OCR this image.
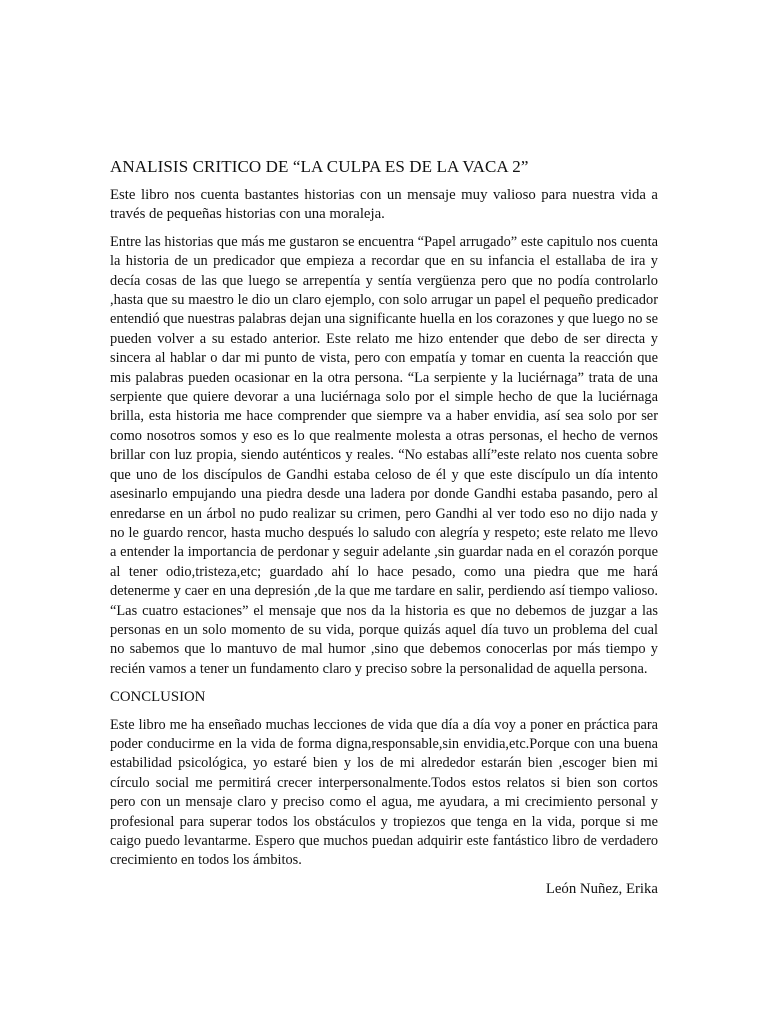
ANALISIS CRITICO DE “LA CULPA ES DE LA VACA 2”

Este libro nos cuenta bastantes historias con un mensaje muy valioso para nuestra vida a través de pequeñas historias con una moraleja.

Entre las historias que más me gustaron se encuentra “Papel arrugado” este capitulo nos cuenta la historia de un predicador que empieza a recordar que en su infancia el estallaba de ira y decía cosas de las que luego se arrepentía y sentía vergüenza pero que no podía controlarlo ,hasta que su maestro le dio un claro ejemplo, con solo arrugar un papel el pequeño predicador entendió que nuestras palabras dejan una significante huella en los corazones y que luego no se pueden volver a su estado anterior. Este relato me hizo entender que debo de ser directa y sincera al hablar o dar mi punto de vista, pero con empatía y tomar en cuenta la reacción que mis palabras pueden ocasionar en la otra persona. “La serpiente y la luciérnaga” trata de una serpiente que quiere devorar a una luciérnaga solo por el simple hecho de que la luciérnaga brilla, esta historia me hace comprender que siempre va a haber envidia, así sea solo por ser como nosotros somos y eso es lo que realmente molesta a otras personas, el hecho de vernos brillar con luz propia, siendo auténticos y reales. “No estabas allí”este relato nos cuenta sobre que uno de los discípulos de Gandhi estaba celoso de él y que este discípulo un día intento asesinarlo empujando una piedra desde una ladera por donde Gandhi estaba pasando, pero al enredarse en un árbol no pudo realizar su crimen, pero Gandhi al ver todo eso no dijo nada y no le guardo rencor, hasta mucho después lo saludo con alegría y respeto; este relato me llevo a entender la importancia de perdonar y seguir adelante ,sin guardar nada en el corazón porque al tener odio,tristeza,etc; guardado ahí lo hace pesado, como una piedra que me hará detenerme y caer en una depresión ,de la que me tardare en salir, perdiendo así tiempo valioso. “Las cuatro estaciones” el mensaje que nos da la historia es que no debemos de juzgar a las personas en un solo momento de su vida, porque quizás aquel día tuvo un problema del cual no sabemos que lo mantuvo de mal humor ,sino que debemos conocerlas por más tiempo y recién vamos a tener un fundamento claro y preciso sobre la personalidad de aquella persona.

CONCLUSION

Este libro me ha enseñado muchas lecciones de vida que día a día voy a poner en práctica para poder conducirme en la vida de forma digna,responsable,sin envidia,etc.Porque con una buena estabilidad psicológica, yo estaré bien y los de mi alrededor estarán bien ,escoger bien mi círculo social me permitirá crecer interpersonalmente.Todos estos relatos si bien son cortos pero con un mensaje claro y preciso como el agua, me ayudara, a mi crecimiento personal y profesional para superar todos los obstáculos y tropiezos que tenga en la vida, porque si me caigo puedo levantarme. Espero que muchos puedan adquirir este fantástico libro de verdadero crecimiento en todos los ámbitos.

León Nuñez, Erika
